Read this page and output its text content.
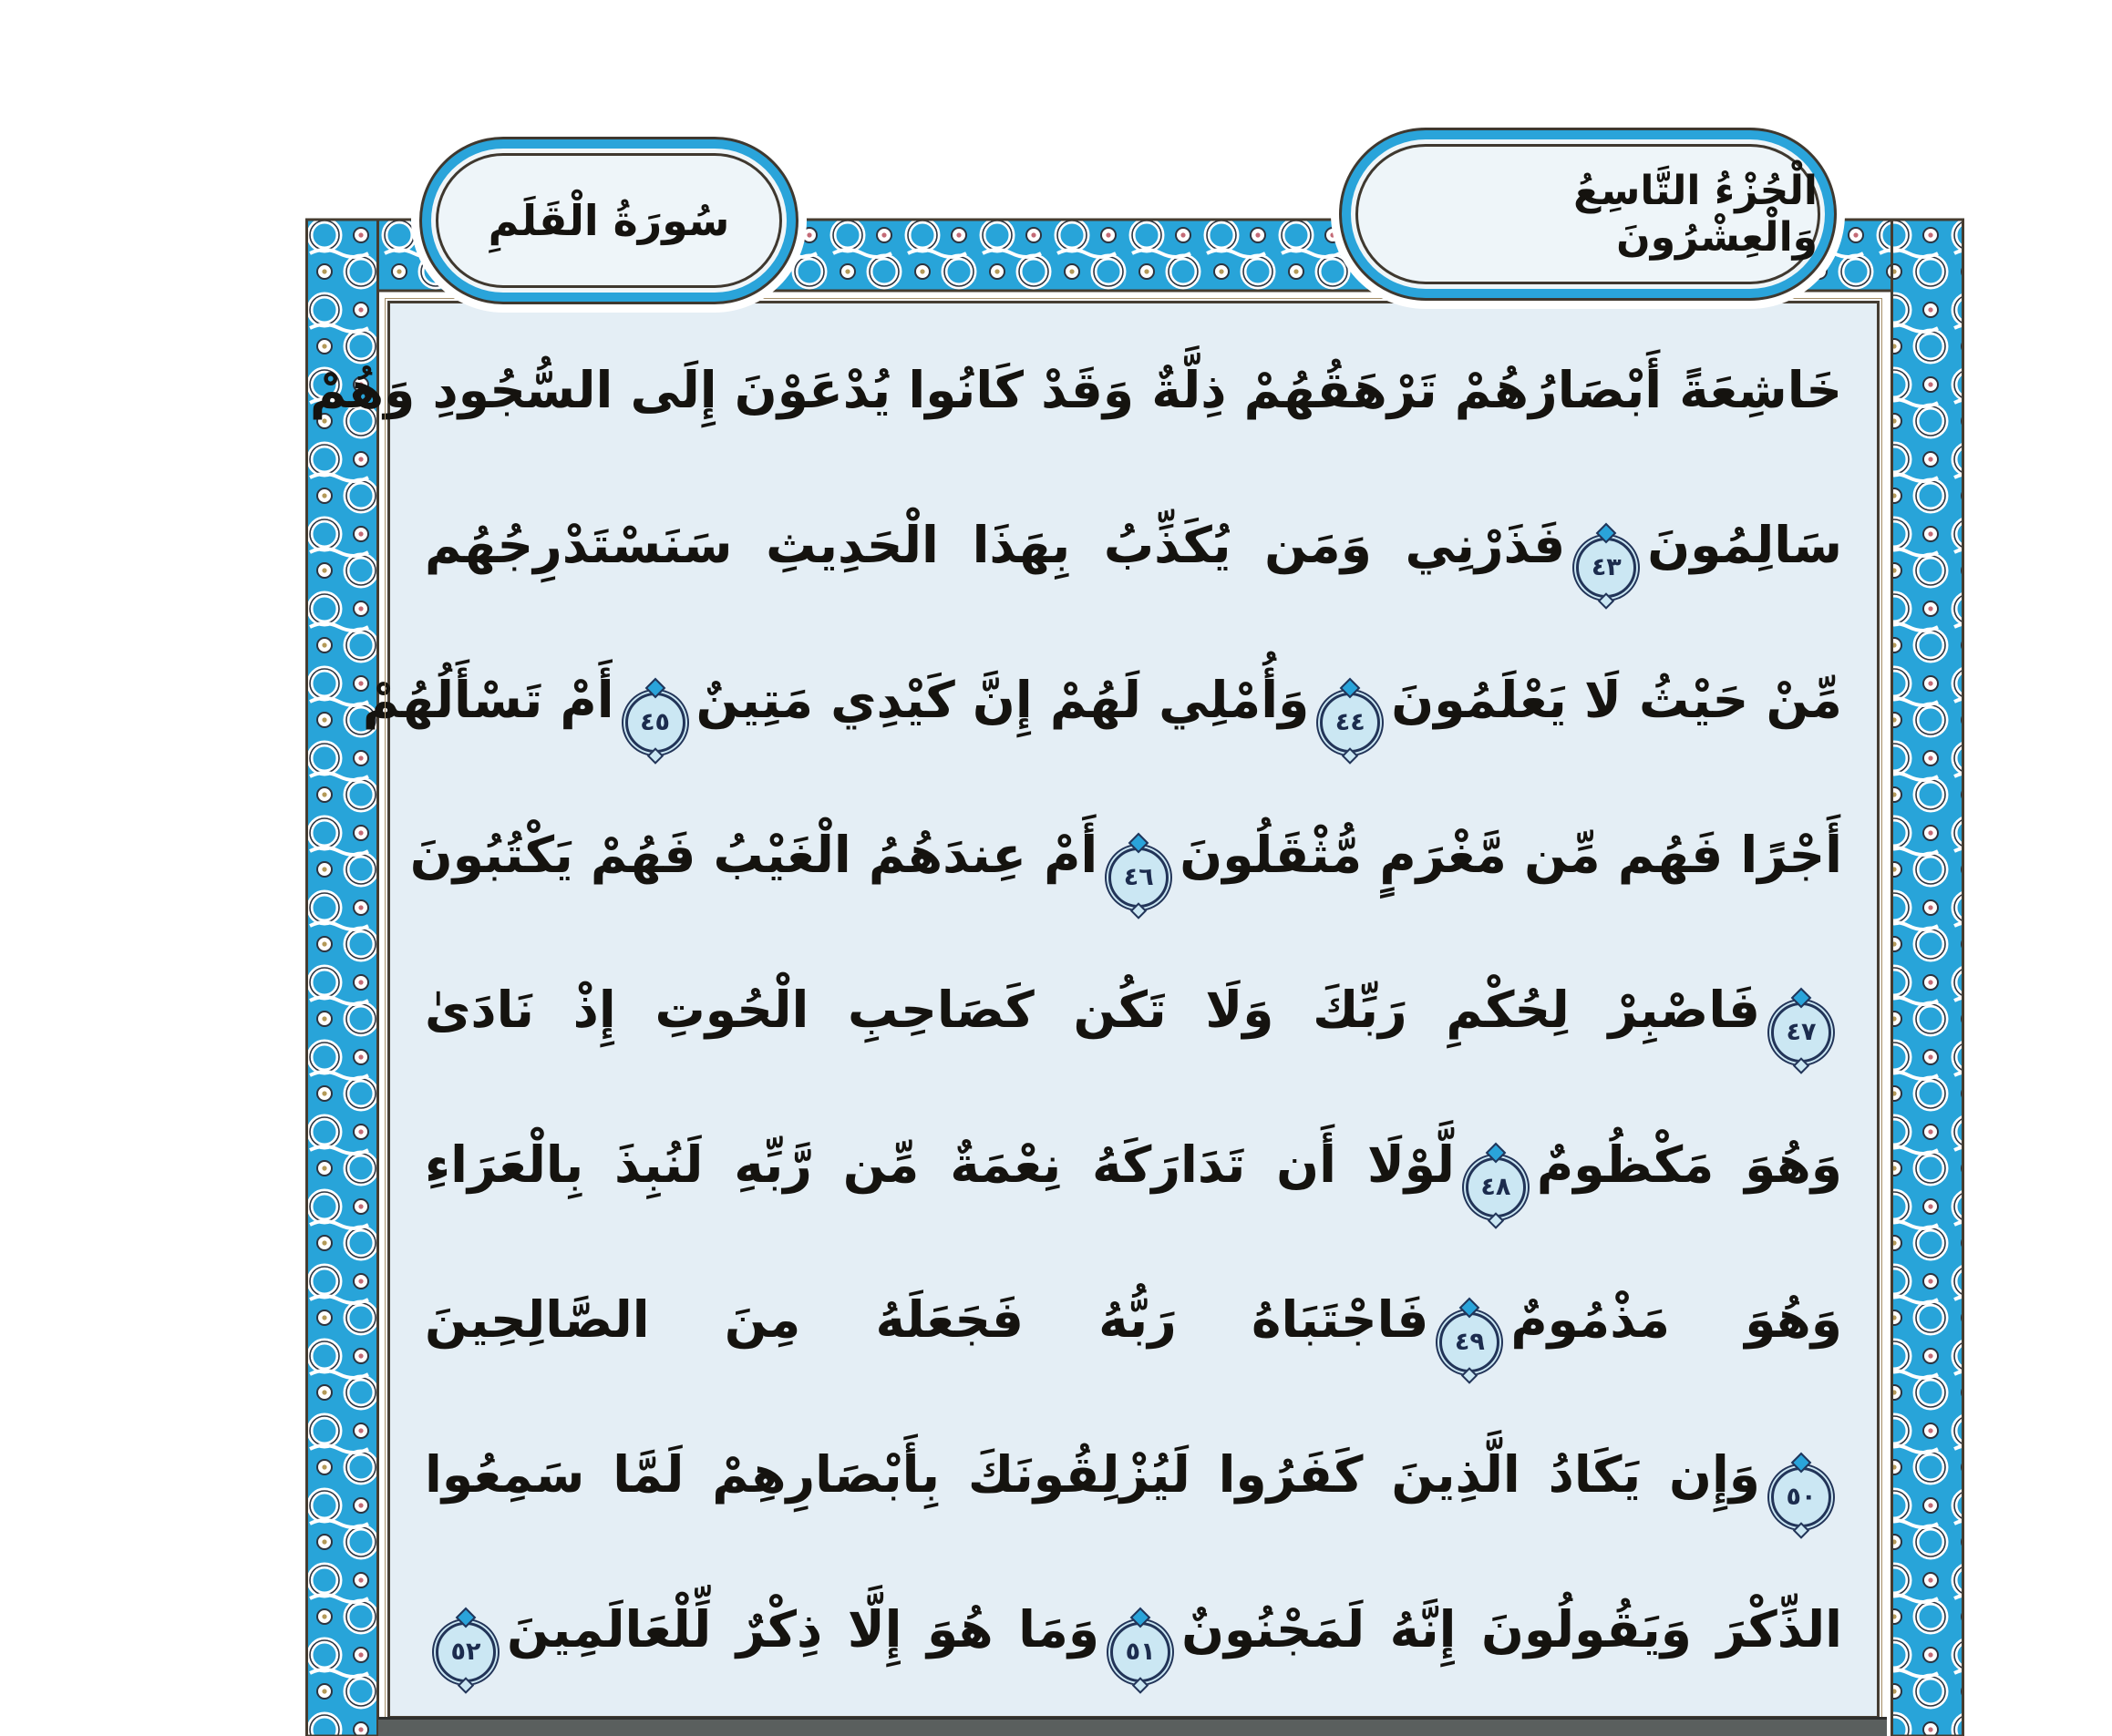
سُورَةُ الْقَلَمِ
الْجُزْءُ التَّاسِعُ وَالْعِشْرُونَ
خَاشِعَةً أَبْصَارُهُمْ تَرْهَقُهُمْ ذِلَّةٌ وَقَدْ كَانُوا يُدْعَوْنَ إِلَى السُّجُودِ وَهُمْ
سَالِمُونَ
٤٣
فَذَرْنِي وَمَن يُكَذِّبُ بِهَذَا الْحَدِيثِ سَنَسْتَدْرِجُهُم
مِّنْ حَيْثُ لَا يَعْلَمُونَ
٤٤
وَأُمْلِي لَهُمْ إِنَّ كَيْدِي مَتِينٌ
٤٥
أَمْ تَسْأَلُهُمْ
أَجْرًا فَهُم مِّن مَّغْرَمٍ مُّثْقَلُونَ
٤٦
أَمْ عِندَهُمُ الْغَيْبُ فَهُمْ يَكْتُبُونَ
٤٧
فَاصْبِرْ لِحُكْمِ رَبِّكَ وَلَا تَكُن كَصَاحِبِ الْحُوتِ إِذْ نَادَىٰ
وَهُوَ مَكْظُومٌ
٤٨
لَّوْلَا أَن تَدَارَكَهُ نِعْمَةٌ مِّن رَّبِّهِ لَنُبِذَ بِالْعَرَاءِ
وَهُوَ مَذْمُومٌ
٤٩
فَاجْتَبَاهُ رَبُّهُ فَجَعَلَهُ مِنَ الصَّالِحِينَ
٥٠
وَإِن يَكَادُ الَّذِينَ كَفَرُوا لَيُزْلِقُونَكَ بِأَبْصَارِهِمْ لَمَّا سَمِعُوا
الذِّكْرَ وَيَقُولُونَ إِنَّهُ لَمَجْنُونٌ
٥١
وَمَا هُوَ إِلَّا ذِكْرٌ لِّلْعَالَمِينَ
٥٢
